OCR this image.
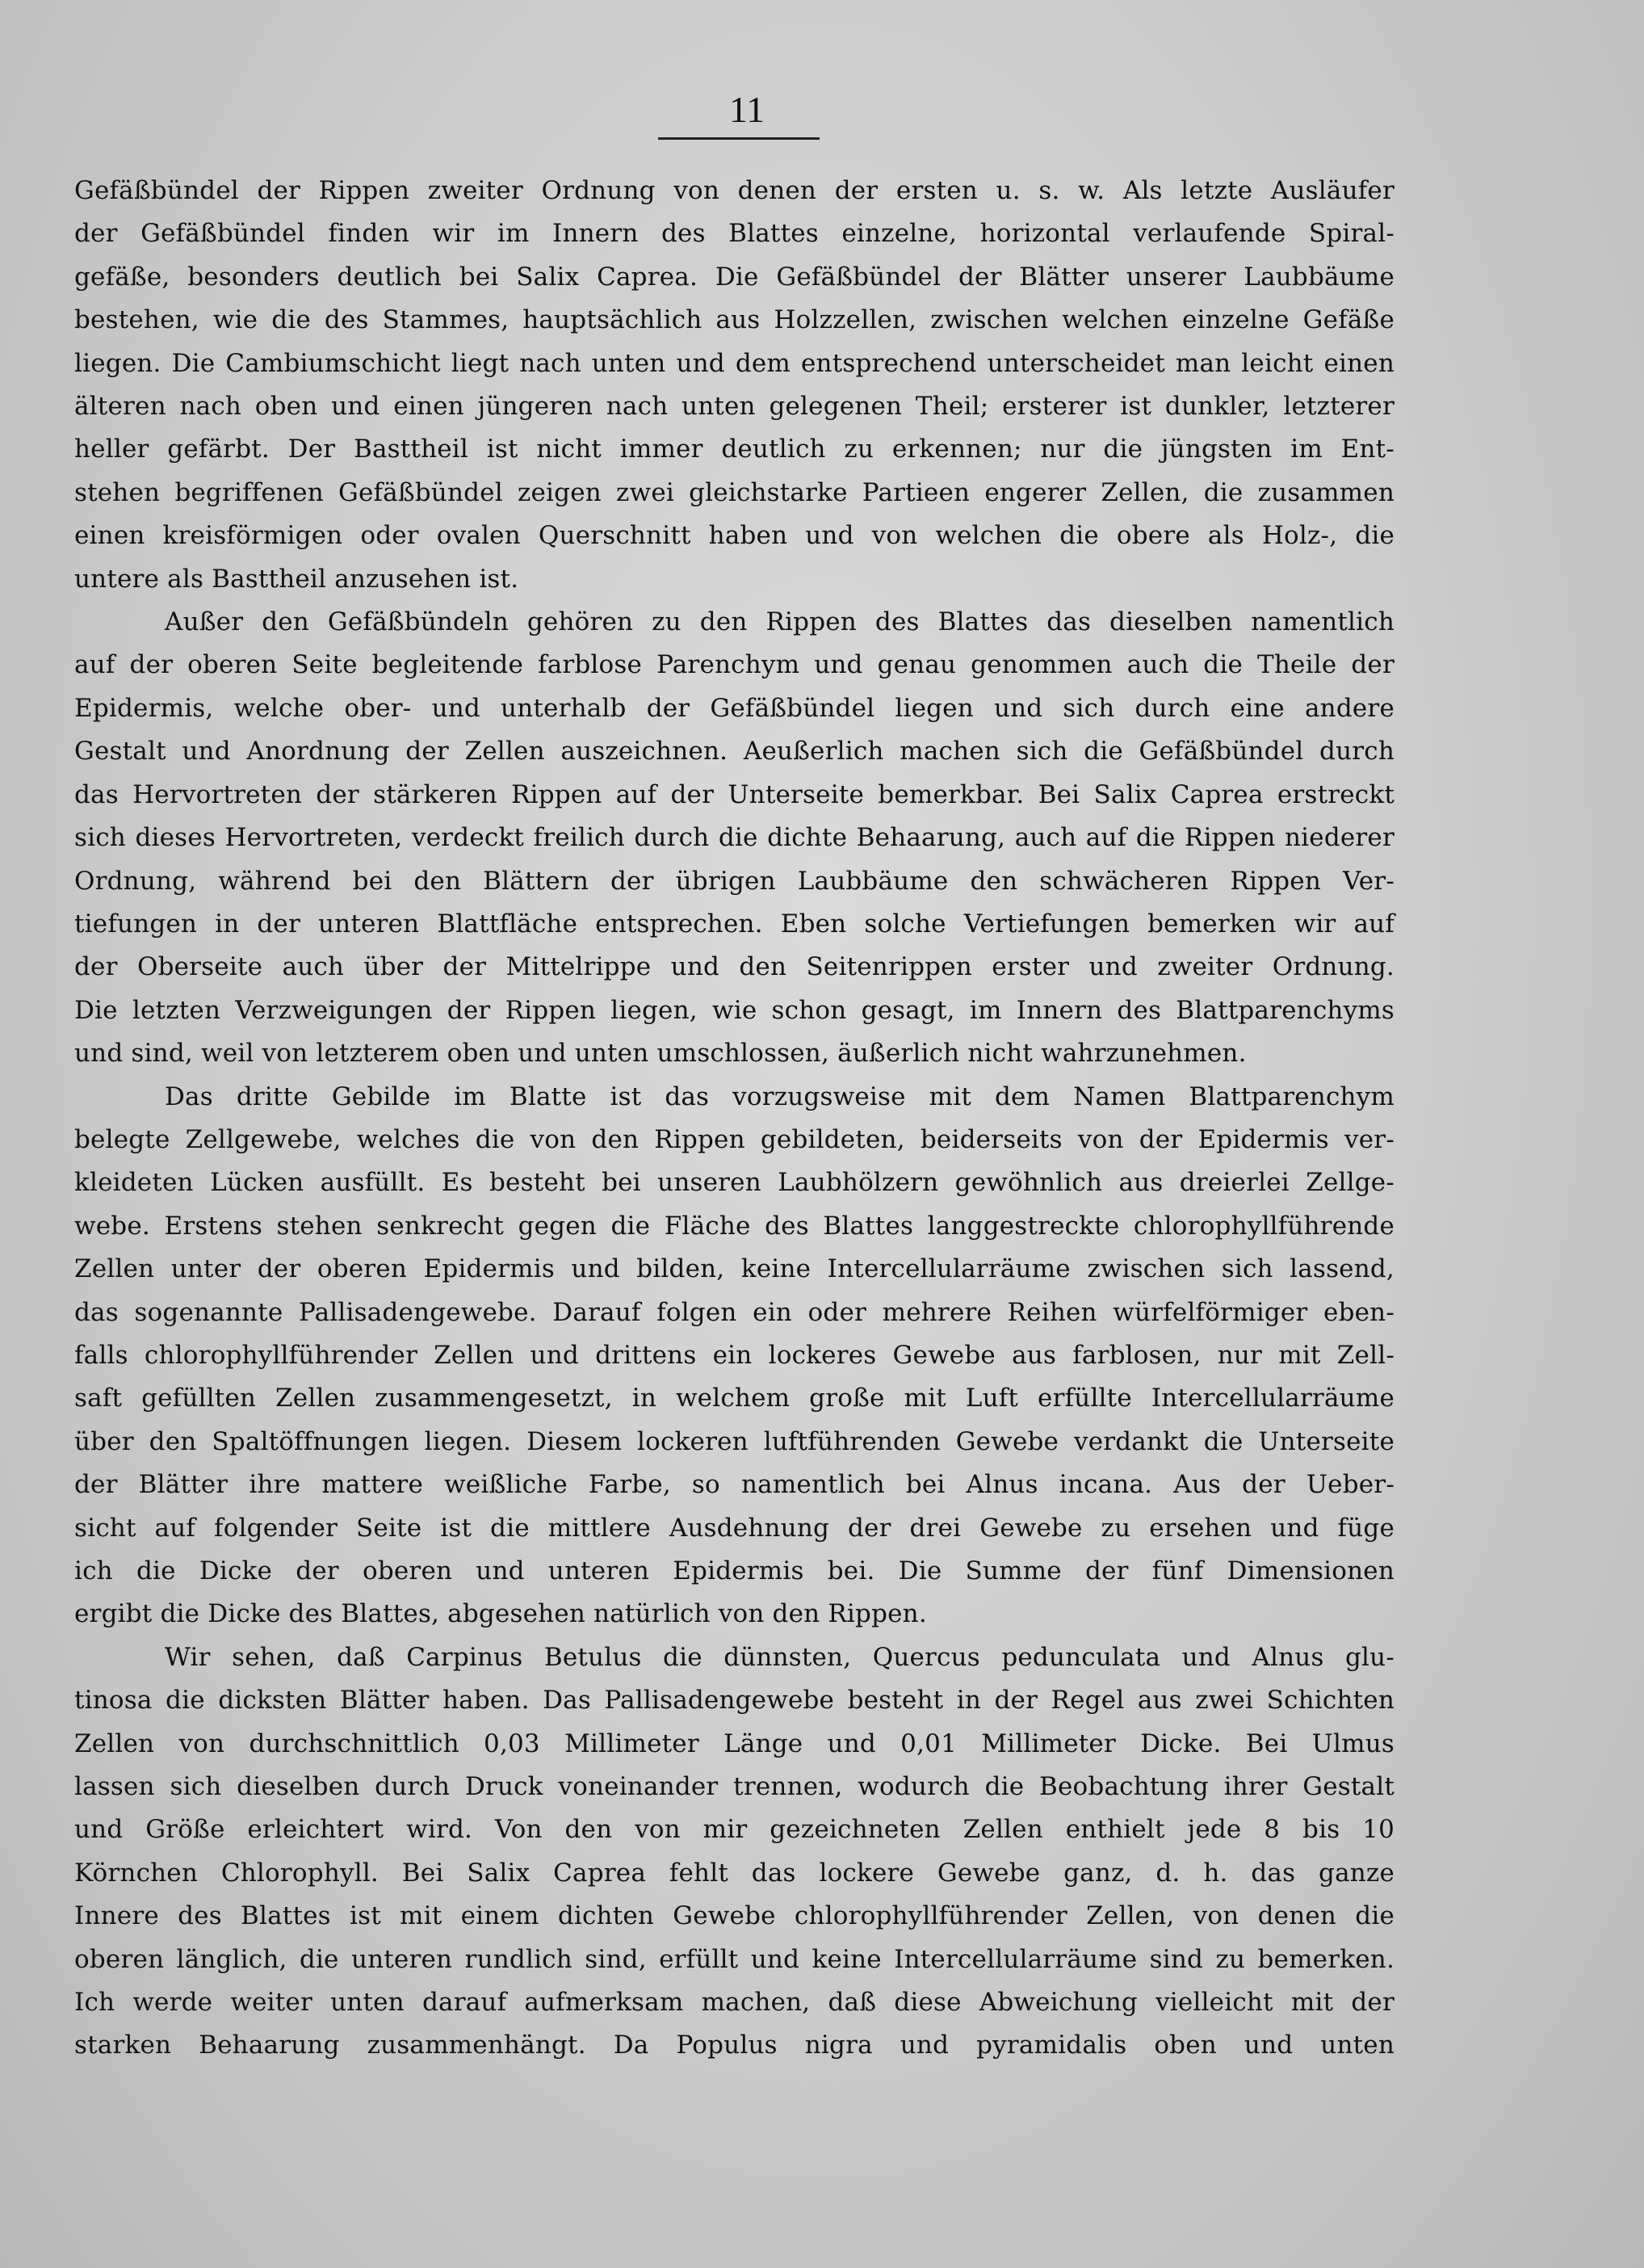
11

Gefäßbündel der Rippen zweiter Ordnung von denen der ersten u. s. w. Als letzte Ausläufer

der Gefäßbündel finden wir im Innern des Blattes einzelne, horizontal verlaufende Spiral-

gefäße, besonders deutlich bei Salix Caprea. Die Gefäßbündel der Blätter unserer Laubbäume

bestehen, wie die des Stammes, hauptsächlich aus Holzzellen, zwischen welchen einzelne Gefäße

liegen. Die Cambiumschicht liegt nach unten und dem entsprechend unterscheidet man leicht einen

älteren nach oben und einen jüngeren nach unten gelegenen Theil; ersterer ist dunkler, letzterer

heller gefärbt. Der Basttheil ist nicht immer deutlich zu erkennen; nur die jüngsten im Ent-

stehen begriffenen Gefäßbündel zeigen zwei gleichstarke Partieen engerer Zellen, die zusammen

einen kreisförmigen oder ovalen Querschnitt haben und von welchen die obere als Holz-, die

untere als Basttheil anzusehen ist.

Außer den Gefäßbündeln gehören zu den Rippen des Blattes das dieselben namentlich

auf der oberen Seite begleitende farblose Parenchym und genau genommen auch die Theile der

Epidermis, welche ober- und unterhalb der Gefäßbündel liegen und sich durch eine andere

Gestalt und Anordnung der Zellen auszeichnen. Aeußerlich machen sich die Gefäßbündel durch

das Hervortreten der stärkeren Rippen auf der Unterseite bemerkbar. Bei Salix Caprea erstreckt

sich dieses Hervortreten, verdeckt freilich durch die dichte Behaarung, auch auf die Rippen niederer

Ordnung, während bei den Blättern der übrigen Laubbäume den schwächeren Rippen Ver-

tiefungen in der unteren Blattfläche entsprechen. Eben solche Vertiefungen bemerken wir auf

der Oberseite auch über der Mittelrippe und den Seitenrippen erster und zweiter Ordnung.

Die letzten Verzweigungen der Rippen liegen, wie schon gesagt, im Innern des Blattparenchyms

und sind, weil von letzterem oben und unten umschlossen, äußerlich nicht wahrzunehmen.

Das dritte Gebilde im Blatte ist das vorzugsweise mit dem Namen Blattparenchym

belegte Zellgewebe, welches die von den Rippen gebildeten, beiderseits von der Epidermis ver-

kleideten Lücken ausfüllt. Es besteht bei unseren Laubhölzern gewöhnlich aus dreierlei Zellge-

webe. Erstens stehen senkrecht gegen die Fläche des Blattes langgestreckte chlorophyllführende

Zellen unter der oberen Epidermis und bilden, keine Intercellularräume zwischen sich lassend,

das sogenannte Pallisadengewebe. Darauf folgen ein oder mehrere Reihen würfelförmiger eben-

falls chlorophyllführender Zellen und drittens ein lockeres Gewebe aus farblosen, nur mit Zell-

saft gefüllten Zellen zusammengesetzt, in welchem große mit Luft erfüllte Intercellularräume

über den Spaltöffnungen liegen. Diesem lockeren luftführenden Gewebe verdankt die Unterseite

der Blätter ihre mattere weißliche Farbe, so namentlich bei Alnus incana. Aus der Ueber-

sicht auf folgender Seite ist die mittlere Ausdehnung der drei Gewebe zu ersehen und füge

ich die Dicke der oberen und unteren Epidermis bei. Die Summe der fünf Dimensionen

ergibt die Dicke des Blattes, abgesehen natürlich von den Rippen.

Wir sehen, daß Carpinus Betulus die dünnsten, Quercus pedunculata und Alnus glu-

tinosa die dicksten Blätter haben. Das Pallisadengewebe besteht in der Regel aus zwei Schichten

Zellen von durchschnittlich 0,03 Millimeter Länge und 0,01 Millimeter Dicke. Bei Ulmus

lassen sich dieselben durch Druck voneinander trennen, wodurch die Beobachtung ihrer Gestalt

und Größe erleichtert wird. Von den von mir gezeichneten Zellen enthielt jede 8 bis 10

Körnchen Chlorophyll. Bei Salix Caprea fehlt das lockere Gewebe ganz, d. h. das ganze

Innere des Blattes ist mit einem dichten Gewebe chlorophyllführender Zellen, von denen die

oberen länglich, die unteren rundlich sind, erfüllt und keine Intercellularräume sind zu bemerken.

Ich werde weiter unten darauf aufmerksam machen, daß diese Abweichung vielleicht mit der

starken Behaarung zusammenhängt. Da Populus nigra und pyramidalis oben und unten
